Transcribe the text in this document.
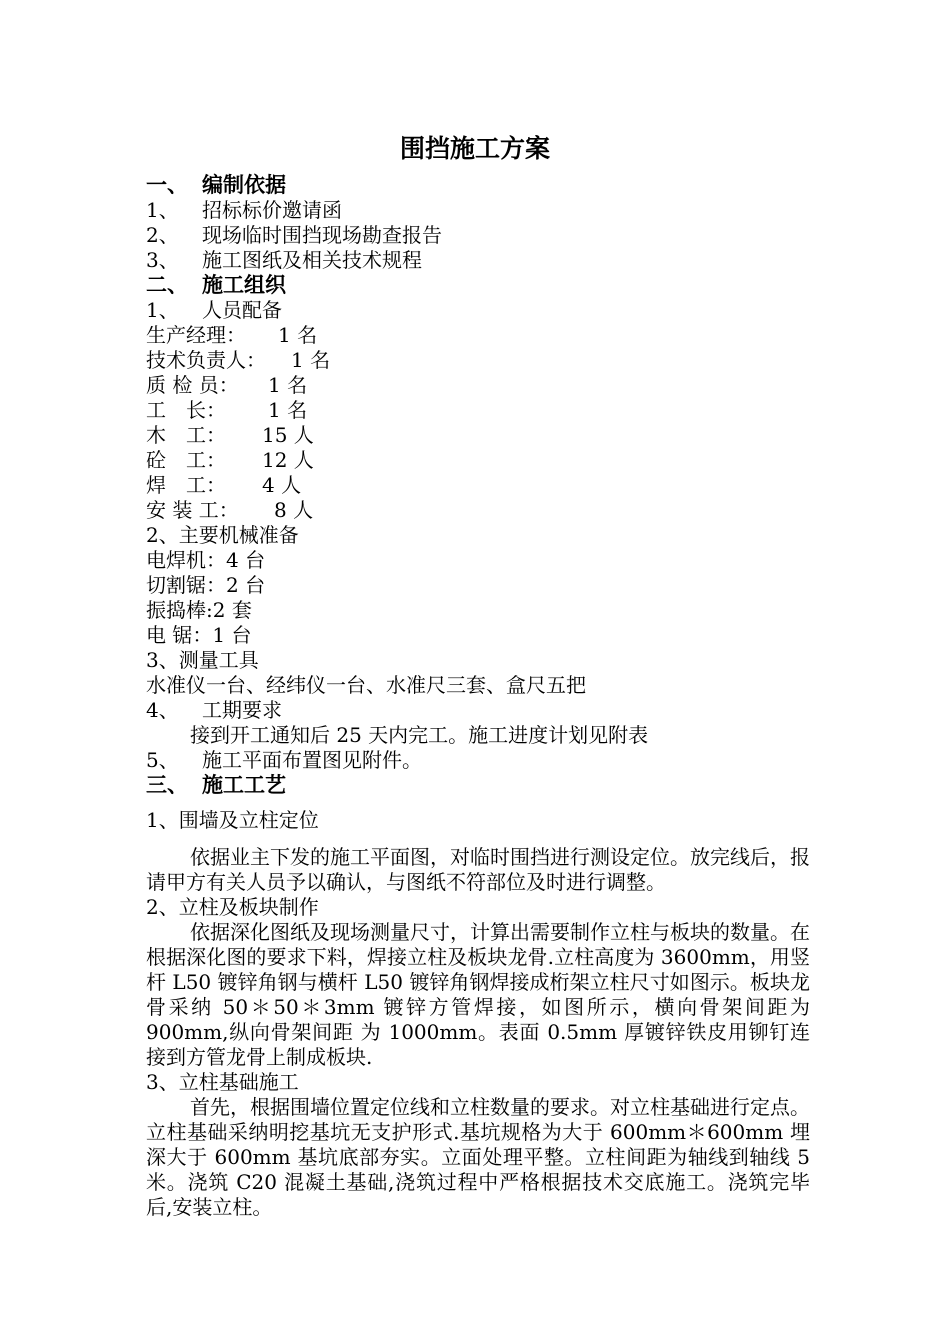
围挡施工方案
一、 编制依据
1、 招标标价邀请函
2、 现场临时围挡现场勘查报告
3、 施工图纸及相关技术规程
二、 施工组织
1、 人员配备
生产经理： 1 名
技术负责人： 1 名
质 检 员： 1 名
工　长： 1 名
木　工： 15 人
砼　工： 12 人
焊　工： 4 人
安 装 工： 8 人
2、主要机械准备
电焊机：4 台
切割锯：2 台
振捣棒:2 套
电 锯：1 台
3、测量工具
水准仪一台、经纬仪一台、水准尺三套、盒尺五把
4、 工期要求
接到开工通知后 25 天内完工。施工进度计划见附表
5、 施工平面布置图见附件。
三、 施工工艺
1、围墙及立柱定位

依据业主下发的施工平面图，对临时围挡进行测设定位。放完线后，报请甲方有关人员予以确认，与图纸不符部位及时进行调整。

2、立柱及板块制作

依据深化图纸及现场测量尺寸，计算出需要制作立柱与板块的数量。在根据深化图的要求下料，焊接立柱及板块龙骨.立柱高度为 3600mm，用竖杆 L50 镀锌角钢与横杆 L50 镀锌角钢焊接成桁架立柱尺寸如图示。板块龙骨采纳 50＊50＊3mm 镀锌方管焊接，如图所示，横向骨架间距为 900mm,纵向骨架间距 为 1000mm。表面 0.5mm 厚镀锌铁皮用铆钉连接到方管龙骨上制成板块.

3、立柱基础施工

首先，根据围墙位置定位线和立柱数量的要求。对立柱基础进行定点。立柱基础采纳明挖基坑无支护形式.基坑规格为大于 600mm＊600mm 埋深大于 600mm 基坑底部夯实。立面处理平整。立柱间距为轴线到轴线 5 米。浇筑 C20 混凝土基础,浇筑过程中严格根据技术交底施工。浇筑完毕后,安装立柱。
